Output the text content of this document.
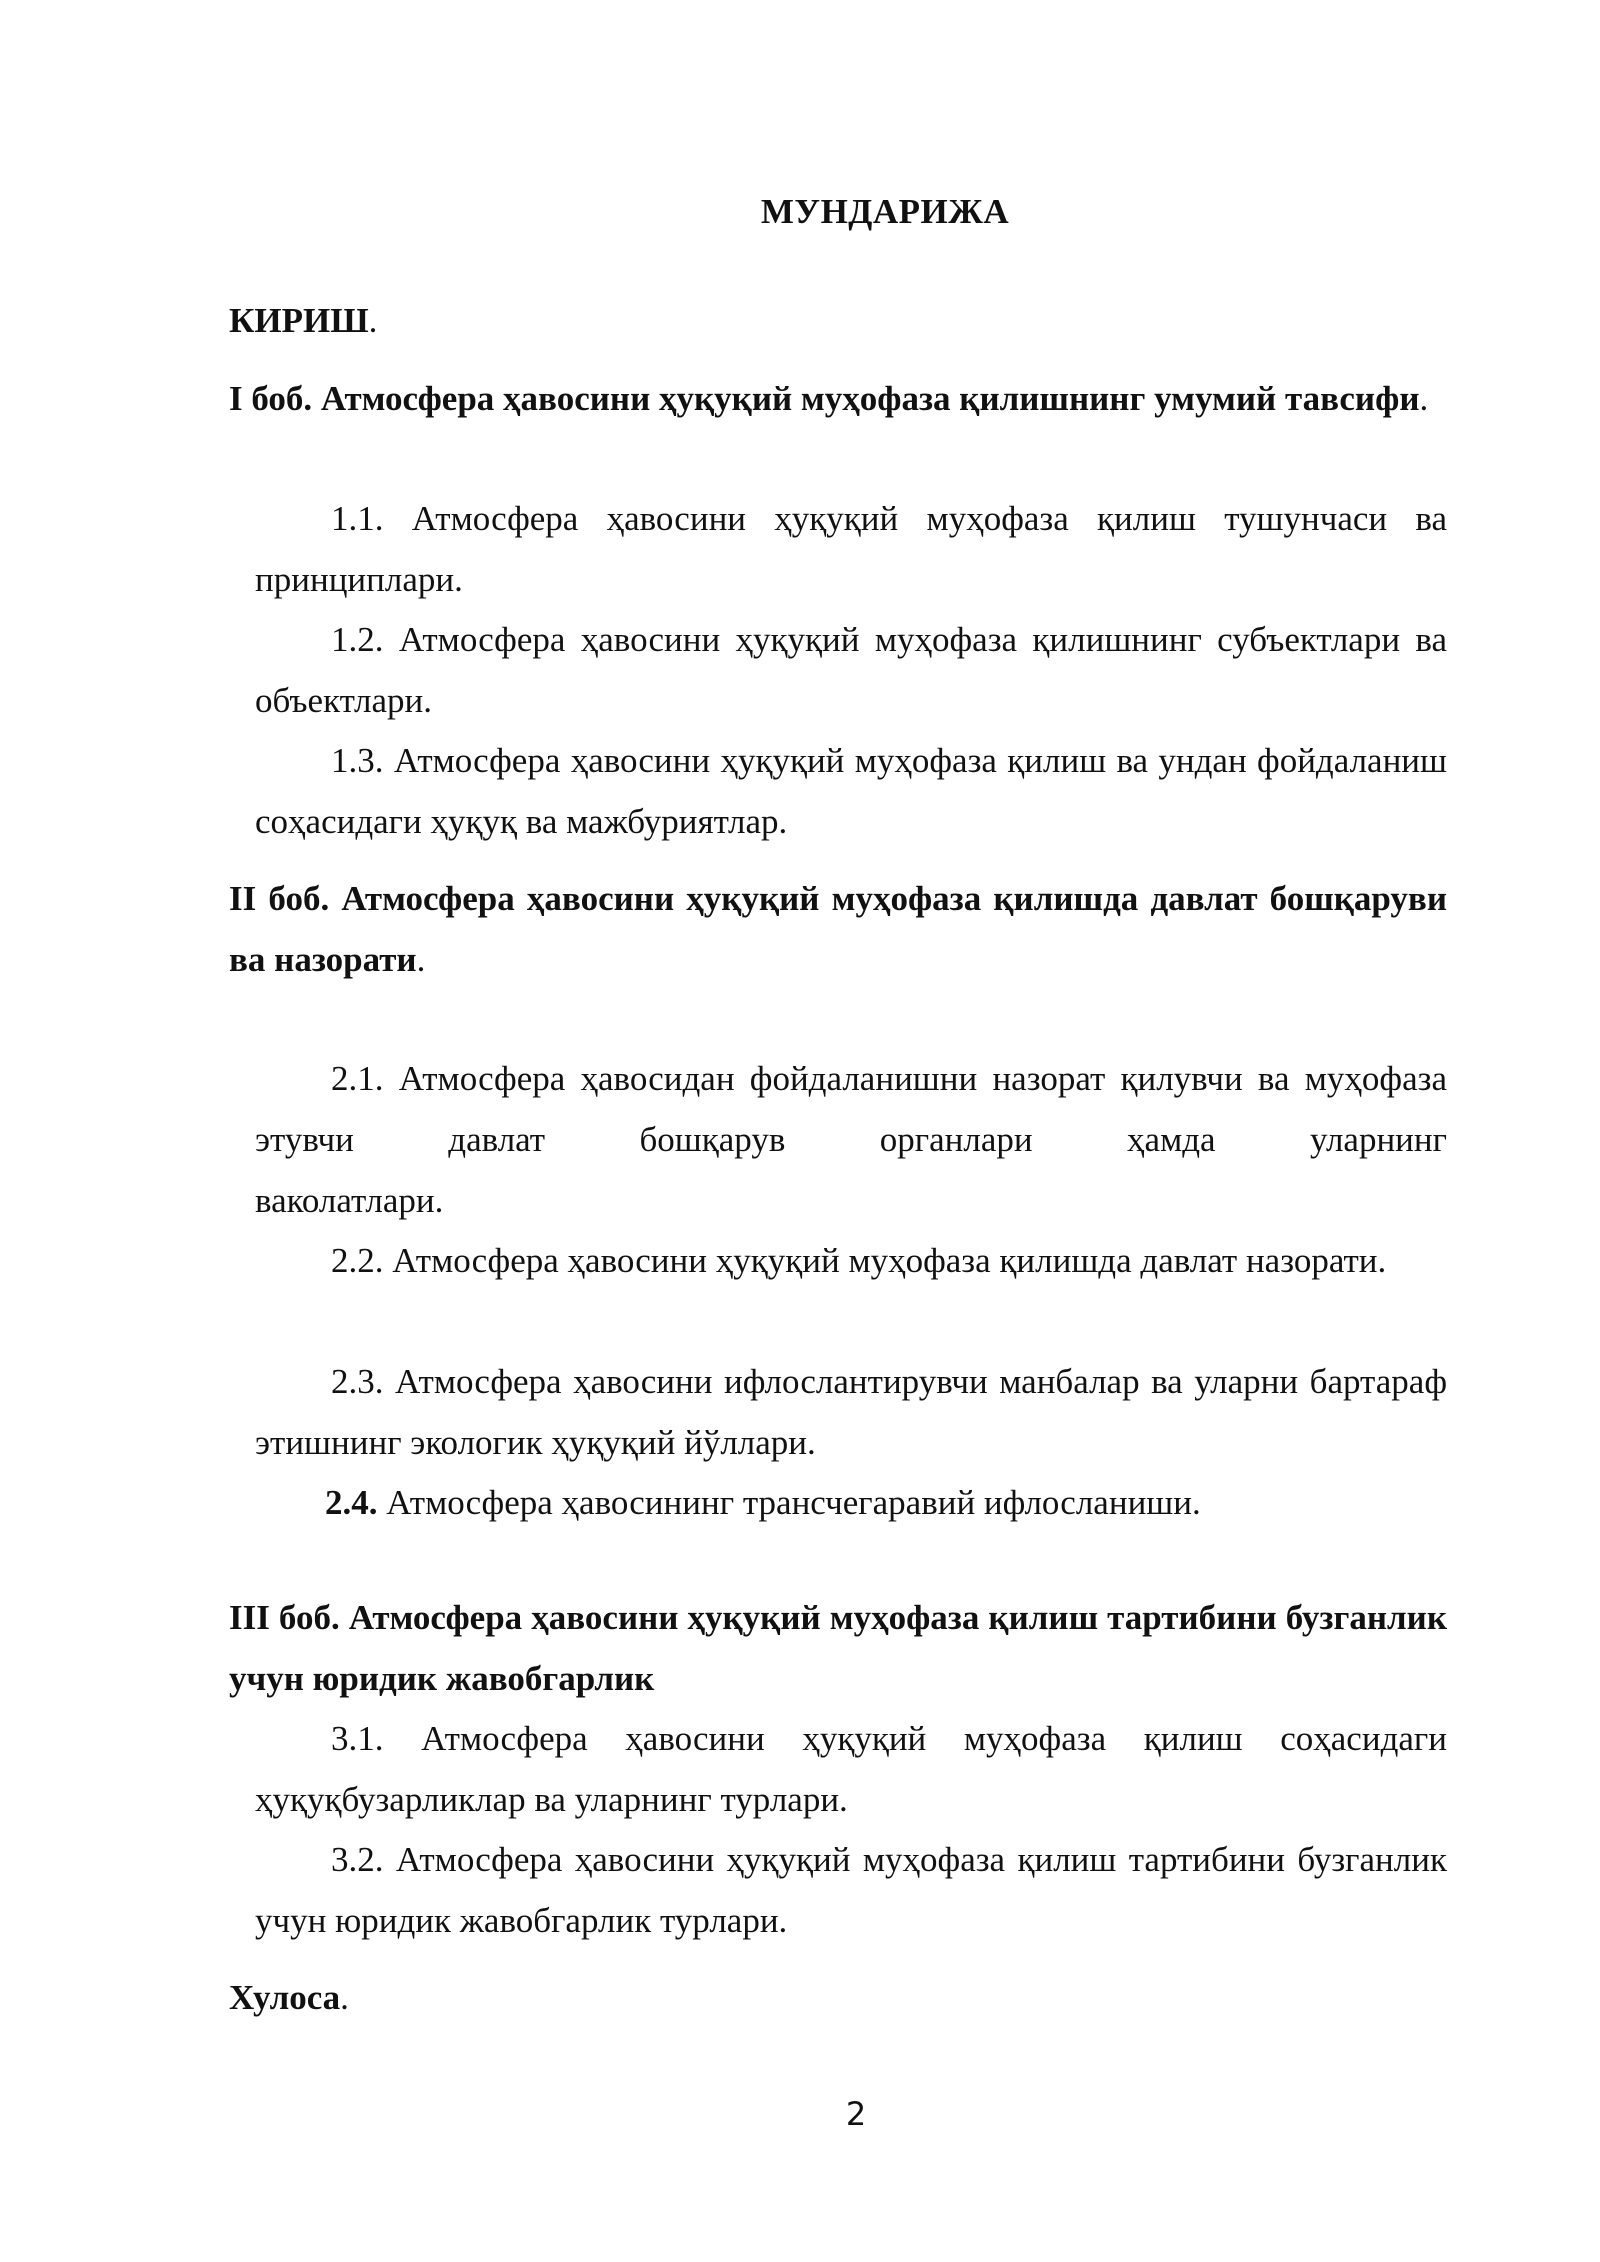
МУНДАРИЖА
КИРИШ.
I боб. Атмосфера ҳавосини ҳуқуқий муҳофаза қилишнинг умумий тавсифи.
1.1. Атмосфера ҳавосини ҳуқуқий муҳофаза қилиш тушунчаси ва принциплари.
1.2. Атмосфера ҳавосини ҳуқуқий муҳофаза қилишнинг субъектлари ва объектлари.
1.3. Атмосфера ҳавосини ҳуқуқий муҳофаза қилиш ва ундан фойдаланиш соҳасидаги ҳуқуқ ва мажбуриятлар.
II боб. Атмосфера ҳавосини ҳуқуқий муҳофаза қилишда давлат бошқаруви ва назорати.
2.1. Атмосфера ҳавосидан фойдаланишни назорат қилувчи ва муҳофаза этувчи давлат бошқарув органлари ҳамда уларнинг
ваколатлари.
2.2. Атмосфера ҳавосини ҳуқуқий муҳофаза қилишда давлат назорати.
2.3. Атмосфера ҳавосини ифлослантирувчи манбалар ва уларни бартараф этишнинг экологик ҳуқуқий йўллари.
2.4. Атмосфера ҳавосининг трансчегаравий ифлосланиши.
III боб. Атмосфера ҳавосини ҳуқуқий муҳофаза қилиш тартибини бузганлик учун юридик жавобгарлик
3.1. Атмосфера ҳавосини ҳуқуқий муҳофаза қилиш соҳасидаги ҳуқуқбузарликлар ва уларнинг турлари.
3.2. Атмосфера ҳавосини ҳуқуқий муҳофаза қилиш тартибини бузганлик учун юридик жавобгарлик турлари.
Хулоса.
2
